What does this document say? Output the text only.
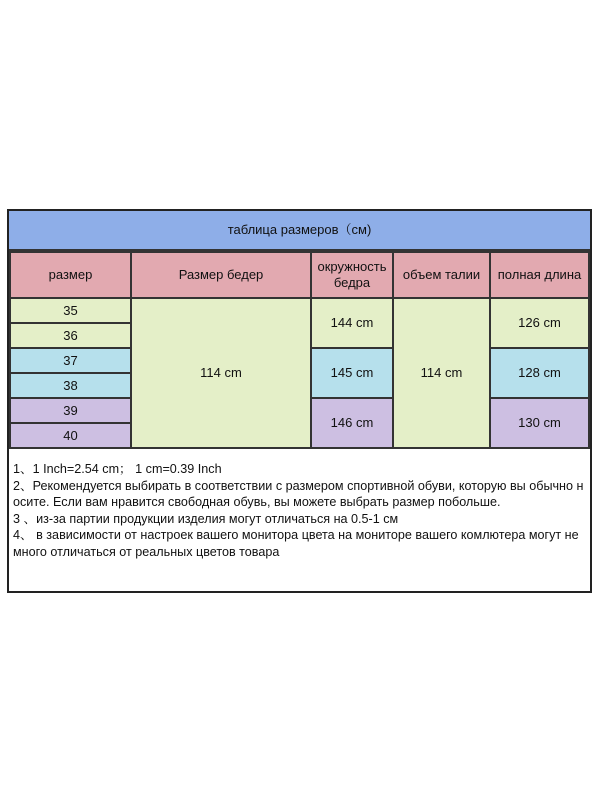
таблица размеров（см)
размер	Размер бедер
окружность бедра
объем талии	полная длина
35
36
37
38
39
40
114 cm
144 cm
145 cm
146 cm
114 cm
126 cm
128 cm
130 cm

1、1 Inch=2.54 cm； 1 cm=0.39 Inch

2、Рекомендуется выбирать в соответствии с размером спортивной обуви, которую вы обычно носите. Если вам нравится свободная обувь, вы можете выбрать размер побольше.

3 、из-за партии продукции изделия могут отличаться на 0.5-1 см

4、 в зависимости от настроек вашего монитора цвета на мониторе вашего комлютера могут немного отличаться от реальных цветов товара
